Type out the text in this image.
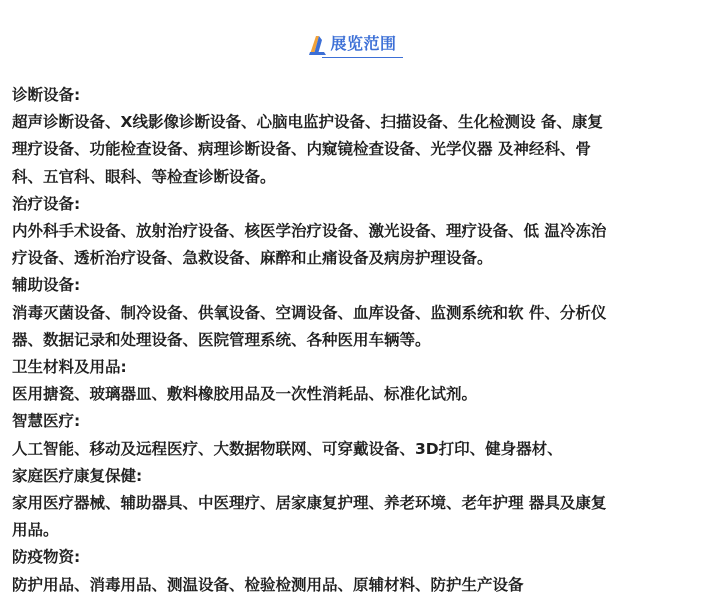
展览范围

诊断设备:

超声诊断设备、X线影像诊断设备、心脑电监护设备、扫描设备、生化检测设 备、康复

理疗设备、功能检查设备、病理诊断设备、内窥镜检查设备、光学仪器 及神经科、骨

科、五官科、眼科、等检查诊断设备。

治疗设备:

内外科手术设备、放射治疗设备、核医学治疗设备、激光设备、理疗设备、低 温冷冻治

疗设备、透析治疗设备、急救设备、麻醉和止痛设备及病房护理设备。

辅助设备:

消毒灭菌设备、制冷设备、供氧设备、空调设备、血库设备、监测系统和软 件、分析仪

器、数据记录和处理设备、医院管理系统、各种医用车辆等。

卫生材料及用品:

医用搪瓷、玻璃器皿、敷料橡胶用品及一次性消耗品、标准化试剂。

智慧医疗:

人工智能、移动及远程医疗、大数据物联网、可穿戴设备、3D打印、健身器材、

家庭医疗康复保健:

家用医疗器械、辅助器具、中医理疗、居家康复护理、养老环境、老年护理 器具及康复

用品。

防疫物资:

防护用品、消毒用品、测温设备、检验检测用品、原辅材料、防护生产设备
